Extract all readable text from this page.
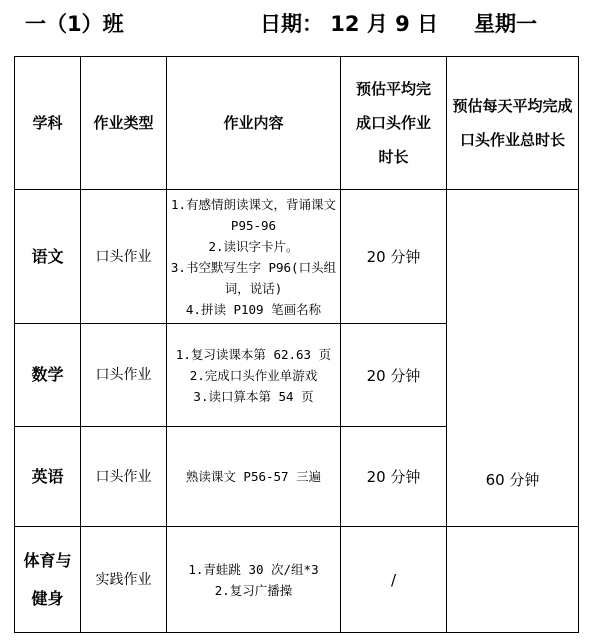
一（1）班	日期： 12 月 9 日 星期一
学科	作业类型	作业内容	预估平均完成口头作业时长	预估每天平均完成口头作业总时长
语文	口头作业	1.有感情朗读课文，背诵课文 P95-96
2.读识字卡片。
3.书空默写生字 P96(口头组词，说话)
4.拼读 P109 笔画名称	20 分钟	60 分钟
数学	口头作业	1.复习读课本第 62.63 页
2.完成口头作业单游戏
3.读口算本第 54 页	20 分钟	
英语	口头作业	熟读课文 P56-57 三遍	20 分钟	
体育与健身	实践作业	1.青蛙跳 30 次/组*3
2.复习广播操	/	
